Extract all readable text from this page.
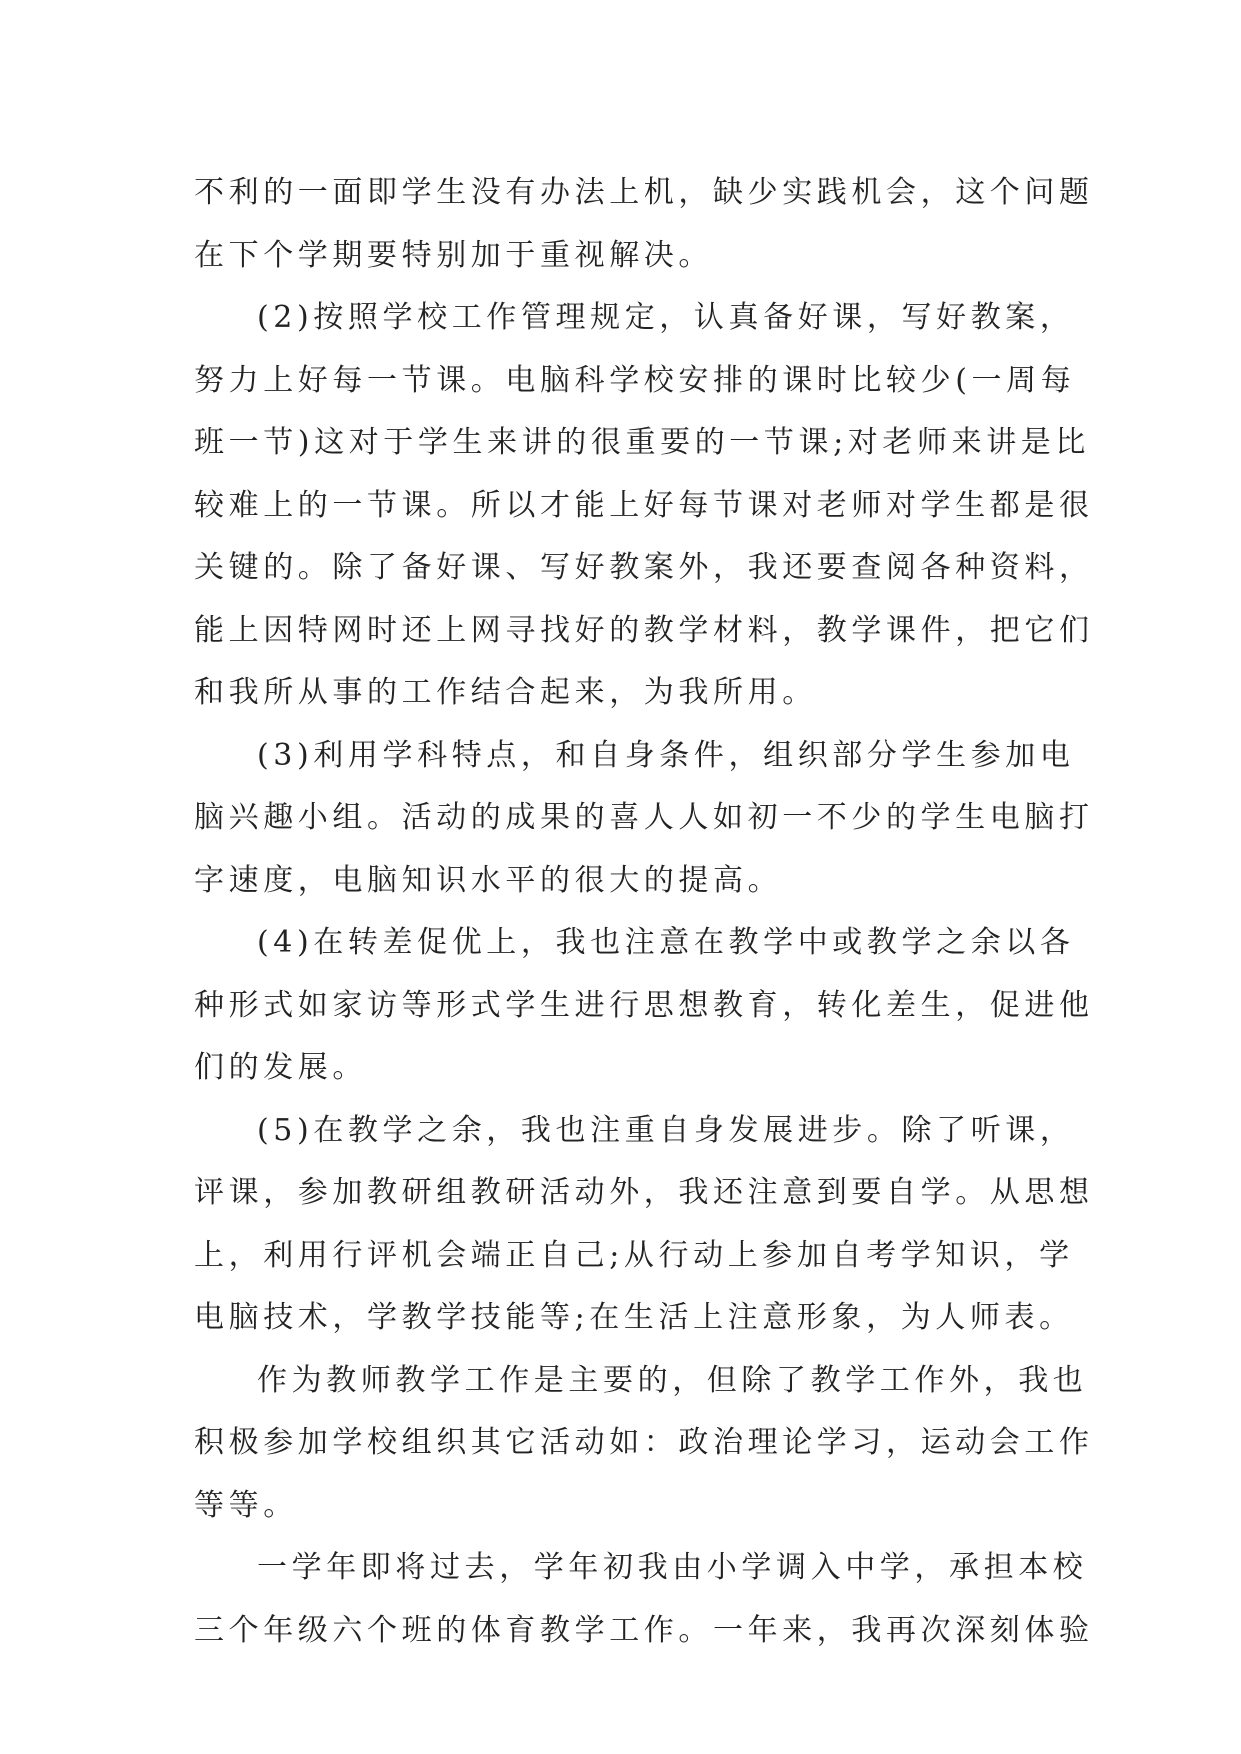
不利的一面即学生没有办法上机，缺少实践机会，这个问题
在下个学期要特别加于重视解决。
(2)按照学校工作管理规定，认真备好课，写好教案，
努力上好每一节课。电脑科学校安排的课时比较少(一周每
班一节)这对于学生来讲的很重要的一节课;对老师来讲是比
较难上的一节课。所以才能上好每节课对老师对学生都是很
关键的。除了备好课、写好教案外，我还要查阅各种资料，
能上因特网时还上网寻找好的教学材料，教学课件，把它们
和我所从事的工作结合起来，为我所用。
(3)利用学科特点，和自身条件，组织部分学生参加电
脑兴趣小组。活动的成果的喜人人如初一不少的学生电脑打
字速度，电脑知识水平的很大的提高。
(4)在转差促优上，我也注意在教学中或教学之余以各
种形式如家访等形式学生进行思想教育，转化差生，促进他
们的发展。
(5)在教学之余，我也注重自身发展进步。除了听课，
评课，参加教研组教研活动外，我还注意到要自学。从思想
上，利用行评机会端正自己;从行动上参加自考学知识，学
电脑技术，学教学技能等;在生活上注意形象，为人师表。
作为教师教学工作是主要的，但除了教学工作外，我也
积极参加学校组织其它活动如：政治理论学习，运动会工作
等等。
一学年即将过去，学年初我由小学调入中学，承担本校
三个年级六个班的体育教学工作。一年来，我再次深刻体验
